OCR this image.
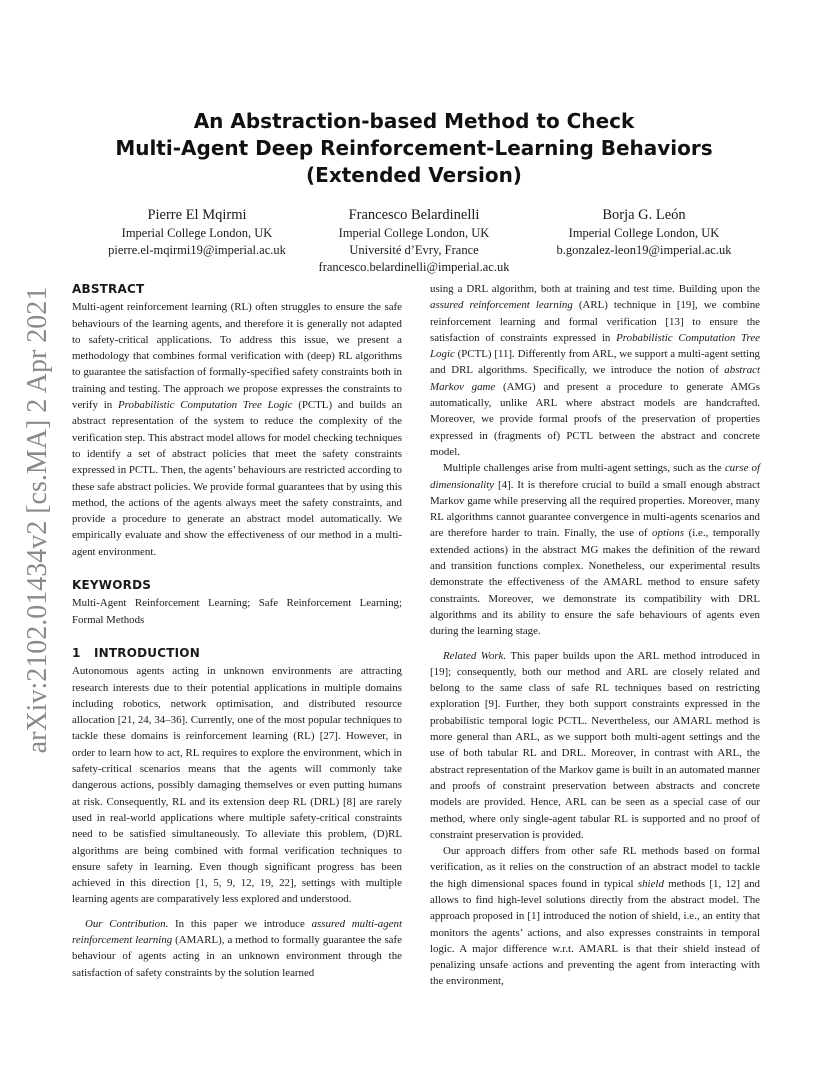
arXiv:2102.01434v2 [cs.MA] 2 Apr 2021
An Abstraction-based Method to Check
Multi-Agent Deep Reinforcement-Learning Behaviors
(Extended Version)
Pierre El Mqirmi
Imperial College London, UK
pierre.el-mqirmi19@imperial.ac.uk
Francesco Belardinelli
Imperial College London, UK
Université d’Evry, France
francesco.belardinelli@imperial.ac.uk
Borja G. León
Imperial College London, UK
b.gonzalez-leon19@imperial.ac.uk
ABSTRACT

Multi-agent reinforcement learning (RL) often struggles to ensure the safe behaviours of the learning agents, and therefore it is generally not adapted to safety-critical applications. To address this issue, we present a methodology that combines formal verification with (deep) RL algorithms to guarantee the satisfaction of formally-specified safety constraints both in training and testing. The approach we propose expresses the constraints to verify in Probabilistic Computation Tree Logic (PCTL) and builds an abstract representation of the system to reduce the complexity of the verification step. This abstract model allows for model checking techniques to identify a set of abstract policies that meet the safety constraints expressed in PCTL. Then, the agents’ behaviours are restricted according to these safe abstract policies. We provide formal guarantees that by using this method, the actions of the agents always meet the safety constraints, and provide a procedure to generate an abstract model automatically. We empirically evaluate and show the effectiveness of our method in a multi-agent environment.

KEYWORDS

Multi-Agent Reinforcement Learning; Safe Reinforcement Learning; Formal Methods

1 INTRODUCTION

Autonomous agents acting in unknown environments are attracting research interests due to their potential applications in multiple domains including robotics, network optimisation, and distributed resource allocation [21, 24, 34–36]. Currently, one of the most popular techniques to tackle these domains is reinforcement learning (RL) [27]. However, in order to learn how to act, RL requires to explore the environment, which in safety-critical scenarios means that the agents will commonly take dangerous actions, possibly damaging themselves or even putting humans at risk. Consequently, RL and its extension deep RL (DRL) [8] are rarely used in real-world applications where multiple safety-critical constraints need to be satisfied simultaneously. To alleviate this problem, (D)RL algorithms are being combined with formal verification techniques to ensure safety in learning. Even though significant progress has been achieved in this direction [1, 5, 9, 12, 19, 22], settings with multiple learning agents are comparatively less explored and understood.

Our Contribution. In this paper we introduce assured multi-agent reinforcement learning (AMARL), a method to formally guarantee the safe behaviour of agents acting in an unknown environment through the satisfaction of safety constraints by the solution learned

using a DRL algorithm, both at training and test time. Building upon the assured reinforcement learning (ARL) technique in [19], we combine reinforcement learning and formal verification [13] to ensure the satisfaction of constraints expressed in Probabilistic Computation Tree Logic (PCTL) [11]. Differently from ARL, we support a multi-agent setting and DRL algorithms. Specifically, we introduce the notion of abstract Markov game (AMG) and present a procedure to generate AMGs automatically, unlike ARL where abstract models are handcrafted. Moreover, we provide formal proofs of the preservation of properties expressed in (fragments of) PCTL between the abstract and concrete model.

Multiple challenges arise from multi-agent settings, such as the curse of dimensionality [4]. It is therefore crucial to build a small enough abstract Markov game while preserving all the required properties. Moreover, many RL algorithms cannot guarantee convergence in multi-agents scenarios and are therefore harder to train. Finally, the use of options (i.e., temporally extended actions) in the abstract MG makes the definition of the reward and transition functions complex. Nonetheless, our experimental results demonstrate the effectiveness of the AMARL method to ensure safety constraints. Moreover, we demonstrate its compatibility with DRL algorithms and its ability to ensure the safe behaviours of agents even during the learning stage.

Related Work. This paper builds upon the ARL method introduced in [19]; consequently, both our method and ARL are closely related and belong to the same class of safe RL techniques based on restricting exploration [9]. Further, they both support constraints expressed in the probabilistic temporal logic PCTL. Nevertheless, our AMARL method is more general than ARL, as we support both multi-agent settings and the use of both tabular RL and DRL. Moreover, in contrast with ARL, the abstract representation of the Markov game is built in an automated manner and proofs of constraint preservation between abstracts and concrete models are provided. Hence, ARL can be seen as a special case of our method, where only single-agent tabular RL is supported and no proof of constraint preservation is provided.

Our approach differs from other safe RL methods based on formal verification, as it relies on the construction of an abstract model to tackle the high dimensional spaces found in typical shield methods [1, 12] and allows to find high-level solutions directly from the abstract model. The approach proposed in [1] introduced the notion of shield, i.e., an entity that monitors the agents’ actions, and also expresses constraints in temporal logic. A major difference w.r.t. AMARL is that their shield instead of penalizing unsafe actions and preventing the agent from interacting with the environment,
